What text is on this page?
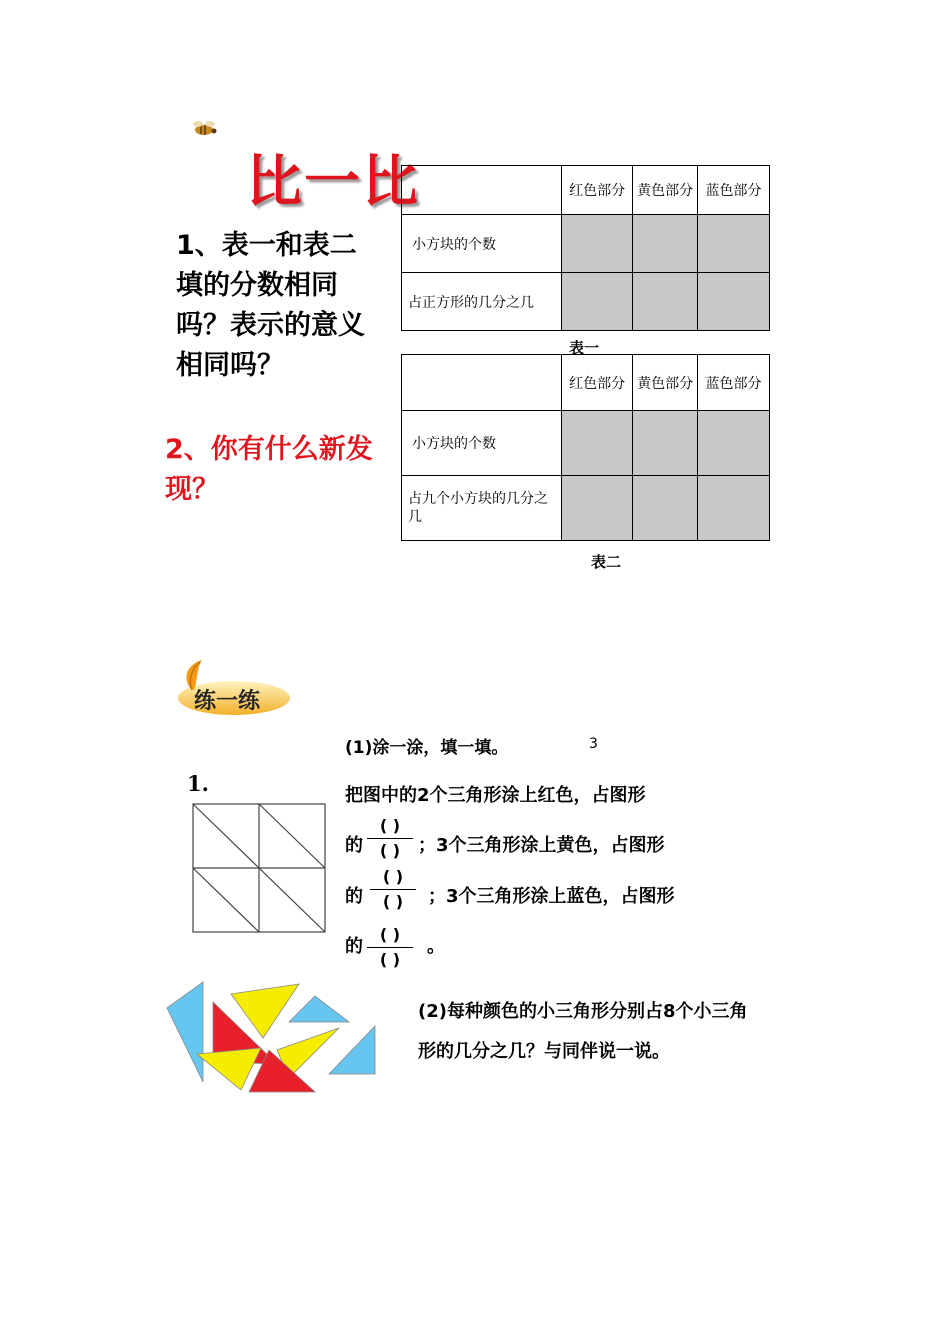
比一比
1、表一和表二填的分数相同吗？表示的意义相同吗？
2、你有什么新发现？
	红色部分	黄色部分	蓝色部分
小方块的个数			
占正方形的几分之几			
表一
	红色部分	黄色部分	蓝色部分
小方块的个数			
占九个小方块的几分之几			
表二
练一练
(1)涂一涂，填一填。	3
1.	把图中的2个三角形涂上红色，占图形
的
( )
( ) ；3个三角形涂上黄色，占图形
的
( )
( )	；3个三角形涂上蓝色，占图形
的
( )
( )
。
(2)每种颜色的小三角形分别占8个小三角形的几分之几？与同伴说一说。
